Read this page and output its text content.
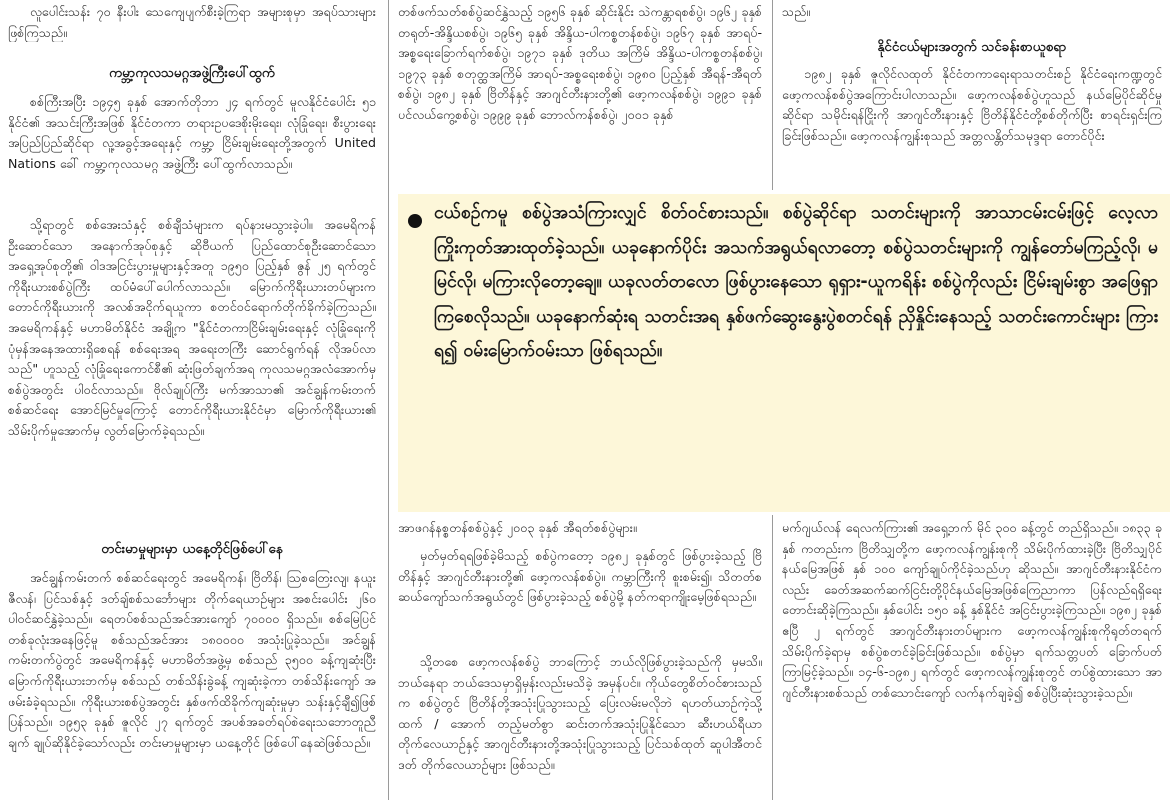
လူပေါင်းသန်း ၇၀ နီးပါး သေကျေပျက်စီးခဲ့ကြရာ အများစုမှာ အရပ်သားများဖြစ်ကြသည်။

ကမ္ဘာ့ကုလသမဂ္ဂအဖွဲ့ကြီးပေါ်ထွက်

စစ်ကြီးအပြီး ၁၉၄၅ ခုနှစ် အောက်တိုဘာ ၂၄ ရက်တွင် မူလနိုင်ငံပေါင်း ၅၁ နိုင်ငံ၏ အသင်းကြီးအဖြစ် နိုင်ငံတကာ တရားဥပဒေစိုးမိုးရေး၊ လုံခြုံရေး၊ စီးပွားရေး အပြည်ပြည်ဆိုင်ရာ လူ့အခွင့်အရေးနှင့် ကမ္ဘာ့ ငြိမ်းချမ်းရေးတို့အတွက် United Nations ခေါ် ကမ္ဘာ့ကုလသမဂ္ဂ အဖွဲ့ကြီး ပေါ်ထွက်လာသည်။

သို့ရာတွင် စစ်အေးသံနှင့် စစ်ချီသံများက ရပ်နားမသွားခဲ့ပါ။ အမေရိကန် ဦးဆောင်သော အနောက်အုပ်စုနှင့် ဆိုဗီယက် ပြည်ထောင်စုဦးဆောင်သော အရှေ့အုပ်စုတို့၏ ဝါဒအငြင်းပွားမှုများနှင့်အတူ ၁၉၅၀ ပြည့်နှစ် ဇွန် ၂၅ ရက်တွင် ကိုရီးယားစစ်ပွဲကြီး ထပ်မံပေါ်ပေါက်လာသည်။ မြောက်ကိုရီးယားတပ်များက တောင်ကိုရီးယားကို အလစ်အငိုက်ရယူကာ စတင်ဝင်ရောက်တိုက်ခိုက်ခဲ့ကြသည်။ အမေရိကန်နှင့် မဟာမိတ်နိုင်ငံ အချို့က "နိုင်ငံတကာငြိမ်းချမ်းရေးနှင့် လုံခြုံရေးကို ပုံမှန်အနေအထားရှိစေရန် စစ်ရေးအရ အရေးတကြီး ဆောင်ရွက်ရန် လိုအပ်လာသည်" ဟူသည့် လုံခြုံရေးကောင်စီ၏ ဆုံးဖြတ်ချက်အရ ကုလသမဂ္ဂအလံအောက်မှ စစ်ပွဲအတွင်း ပါဝင်လာသည်။ ဗိုလ်ချုပ်ကြီး မက်အာသာ၏ အင်ချွန်ကမ်းတက် စစ်ဆင်ရေး အောင်မြင်မှုကြောင့် တောင်ကိုရီးယားနိုင်ငံမှာ မြောက်ကိုရီးယား၏ သိမ်းပိုက်မှုအောက်မှ လွတ်မြောက်ခဲ့ရသည်။

တင်းမာမှုများမှာ ယနေ့တိုင်ဖြစ်ပေါ်နေ

အင်ချွန်ကမ်းတက် စစ်ဆင်ရေးတွင် အမေရိကန်၊ ဗြိတိန်၊ သြစတြေးလျ၊ နယူးဇီလန်၊ ပြင်သစ်နှင့် ဒတ်ချ်စစ်သင်္ဘောများ တိုက်ရေယာဉ်များ အစင်းပေါင်း ၂၆၀ ပါဝင်ဆင်နွှဲခဲ့သည်။ ရေတပ်စစ်သည်အင်အားကျော် ၇၀၀၀၀ ရှိသည်။ စစ်မြေပြင်တစ်ခုလုံးအနေဖြင့်မူ စစ်သည်အင်အား ၁၈၀၀၀၀ အသုံးပြုခဲ့သည်။ အင်ချွန်ကမ်းတက်ပွဲတွင် အမေရိကန်နှင့် မဟာမိတ်အဖွဲ့မှ စစ်သည် ၃၅၀၀ ခန့်ကျဆုံးပြီး မြောက်ကိုရီးယားဘက်မှ စစ်သည် တစ်သိန်းခွဲခန့် ကျဆုံးခဲ့ကာ တစ်သိန်းကျော် အဖမ်းခံခဲ့ရသည်။ ကိုရီးယားစစ်ပွဲအတွင်း နှစ်ဖက်ထိခိုက်ကျဆုံးမှုမှာ သန်းနှင့်ချီ၍ဖြစ်ပြန်သည်။ ၁၉၅၃ ခုနှစ် ဇူလိုင် ၂၇ ရက်တွင် အပစ်အခတ်ရပ်စဲရေးသဘောတူညီချက် ချုပ်ဆိုနိုင်ခဲ့သော်လည်း တင်းမာမှုများမှာ ယနေ့တိုင် ဖြစ်ပေါ်နေဆဲဖြစ်သည်။

တစ်ဖက်သတ်စစ်ပွဲဆင်နွှဲသည့် ၁၉၅၆ ခုနှစ် ဆိုင်းနိုင်း သဲကန္တာရစစ်ပွဲ၊ ၁၉၆၂ ခုနှစ် တရုတ်-အိန္ဒိယစစ်ပွဲ၊ ၁၉၆၅ ခုနှစ် အိန္ဒိယ-ပါကစ္စတန်စစ်ပွဲ၊ ၁၉၆၇ ခုနှစ် အာရပ်-အစ္စရေးခြောက်ရက်စစ်ပွဲ၊ ၁၉၇၁ ခုနှစ် ဒုတိယ အကြိမ် အိန္ဒိယ-ပါကစ္စတန်စစ်ပွဲ၊ ၁၉၇၃ ခုနှစ် စတုတ္ထအကြိမ် အာရပ်-အစ္စရေးစစ်ပွဲ၊ ၁၉၈၀ ပြည့်နှစ် အီရန်-အီရတ်စစ်ပွဲ၊ ၁၉၈၂ ခုနှစ် ဗြိတိန်နှင့် အာဂျင်တီးနားတို့၏ ဖော့ကလန်စစ်ပွဲ၊ ၁၉၉၁ ခုနှစ် ပင်လယ်ကွေ့စစ်ပွဲ၊ ၁၉၉၉ ခုနှစ် ဘောလ်ကန်စစ်ပွဲ၊ ၂၀၀၁ ခုနှစ်

အာဖဂန်နစ္စတန်စစ်ပွဲနှင့် ၂၀၀၃ ခုနှစ် အီရတ်စစ်ပွဲများ။

မှတ်မှတ်ရရဖြစ်ခဲ့မိသည့် စစ်ပွဲကတော့ ၁၉၈၂ ခုနှစ်တွင် ဖြစ်ပွားခဲ့သည့် ဗြိတိန်နှင့် အာဂျင်တီးနားတို့၏ ဖော့ကလန်စစ်ပွဲ။ ကမ္ဘာကြီးကို စူးစမ်း၍၊ သိတတ်စ ဆယ်ကျော်သက်အရွယ်တွင် ဖြစ်ပွားခဲ့သည့် စစ်ပွဲမို့ နတ်ကရာကျိုးမေ့ဖြစ်ရသည်။

သို့တစေ ဖော့ကလန်စစ်ပွဲ ဘာကြောင့် ဘယ်လိုဖြစ်ပွားခဲ့သည်ကို မှမသိ။ ဘယ်နေရာ ဘယ်ဒေသမှာရှိမှန်းလည်းမသိခဲ့ အမှန်ပင်။ ကိုယ်တွေစိတ်ဝင်စားသည်က စစ်ပွဲတွင် ဗြိတိန်တို့အသုံးပြုသွားသည့် ပြေးလမ်းမလိုဘဲ ရဟတ်ယာဉ်ကဲ့သို့ ထက် / အောက် တည့်မတ်စွာ ဆင်းတက်အသုံးပြုနိုင်သော ဆီးဟယ်ရီယာ တိုက်လေယာဉ်နှင့် အာဂျင်တီးနားတို့အသုံးပြုသွားသည့် ပြင်သစ်ထုတ် ဆူပါအီတင်ဒတ် တိုက်လေယာဉ်များ ဖြစ်သည်။

သည်။

နိုင်ငံငယ်များအတွက် သင်ခန်းစာယူစရာ

၁၉၈၂ ခုနှစ် ဇူလိုင်လထုတ် နိုင်ငံတကာရေးရာသတင်းစဉ် နိုင်ငံရေးကဏ္ဍတွင် ဖော့ကလန်စစ်ပွဲအကြောင်းပါလာသည်။ ဖော့ကလန်စစ်ပွဲဟူသည် နယ်မြေပိုင်ဆိုင်မှုဆိုင်ရာ သမိုင်းရန်ငြိုးကို အာဂျင်တီးနားနှင့် ဗြိတိန်နိုင်ငံတို့စစ်တိုက်ပြီး စာရင်းရှင်းကြခြင်းဖြစ်သည်။ ဖော့ကလန်ကျွန်းစုသည် အတ္တလန္တိတ်သမုဒ္ဒရာ တောင်ပိုင်း

မက်ဂျယ်လန် ရေလက်ကြား၏ အရှေ့ဘက် မိုင် ၃၀၀ ခန့်တွင် တည်ရှိသည်။ ၁၈၃၃ ခုနှစ် ကတည်းက ဗြိတိသျှတို့က ဖော့ကလန်ကျွန်းစုကို သိမ်းပိုက်ထားခဲ့ပြီး ဗြိတိသျှပိုင်နယ်မြေအဖြစ် နှစ် ၁၀၀ ကျော်ချုပ်ကိုင်ခဲ့သည်ဟု ဆိုသည်။ အာဂျင်တီးနားနိုင်ငံကလည်း ခေတ်အဆက်ဆက်ငြင်းတို့ပိုင်နယ်မြေအဖြစ်ကြေညာကာ ပြန်လည်ရရှိရေး တောင်းဆိုခဲ့ကြသည်။ နှစ်ပေါင်း ၁၅၀ ခန့် နှစ်နိုင်ငံ အငြင်းပွားခဲ့ကြသည်။ ၁၉၈၂ ခုနှစ် ဧပြီ ၂ ရက်တွင် အာဂျင်တီးနားတပ်များက ဖော့ကလန်ကျွန်းစုကိုရုတ်တရက် သိမ်းပိုက်ခဲ့ရာမှ စစ်ပွဲစတင်ခဲ့ခြင်းဖြစ်သည်။ စစ်ပွဲမှာ ရက်သတ္တပတ် ခြောက်ပတ်ကြာမြင့်ခဲ့သည်။ ၁၄-၆-၁၉၈၂ ရက်တွင် ဖော့ကလန်ကျွန်းစုတွင် တပ်စွဲထားသော အာဂျင်တီးနားစစ်သည် တစ်သောင်းကျော် လက်နက်ချခဲ့၍ စစ်ပွဲပြီးဆုံးသွားခဲ့သည်။

ငယ်စဉ်ကမူ စစ်ပွဲအသံကြားလျှင် စိတ်ဝင်စားသည်။ စစ်ပွဲဆိုင်ရာ သတင်းများကို အာသာငမ်းငမ်းဖြင့် လေ့လာကြိုးကုတ်အားထုတ်ခဲ့သည်။ ယခုနောက်ပိုင်း အသက်အရွယ်ရလာတော့ စစ်ပွဲသတင်းများကို ကျွန်တော်မကြည့်လို၊ မမြင်လို၊ မကြားလိုတော့ချေ။ ယခုလတ်တလော ဖြစ်ပွားနေသော ရုရှား-ယူကရိန်း စစ်ပွဲကိုလည်း ငြိမ်းချမ်းစွာ အဖြေရှာကြစေလိုသည်။ ယခုနောက်ဆုံးရ သတင်းအရ နှစ်ဖက်ဆွေးနွေးပွဲစတင်ရန် ညှိနှိုင်းနေသည့် သတင်းကောင်းများ ကြားရ၍ ဝမ်းမြောက်ဝမ်းသာ ဖြစ်ရသည်။
